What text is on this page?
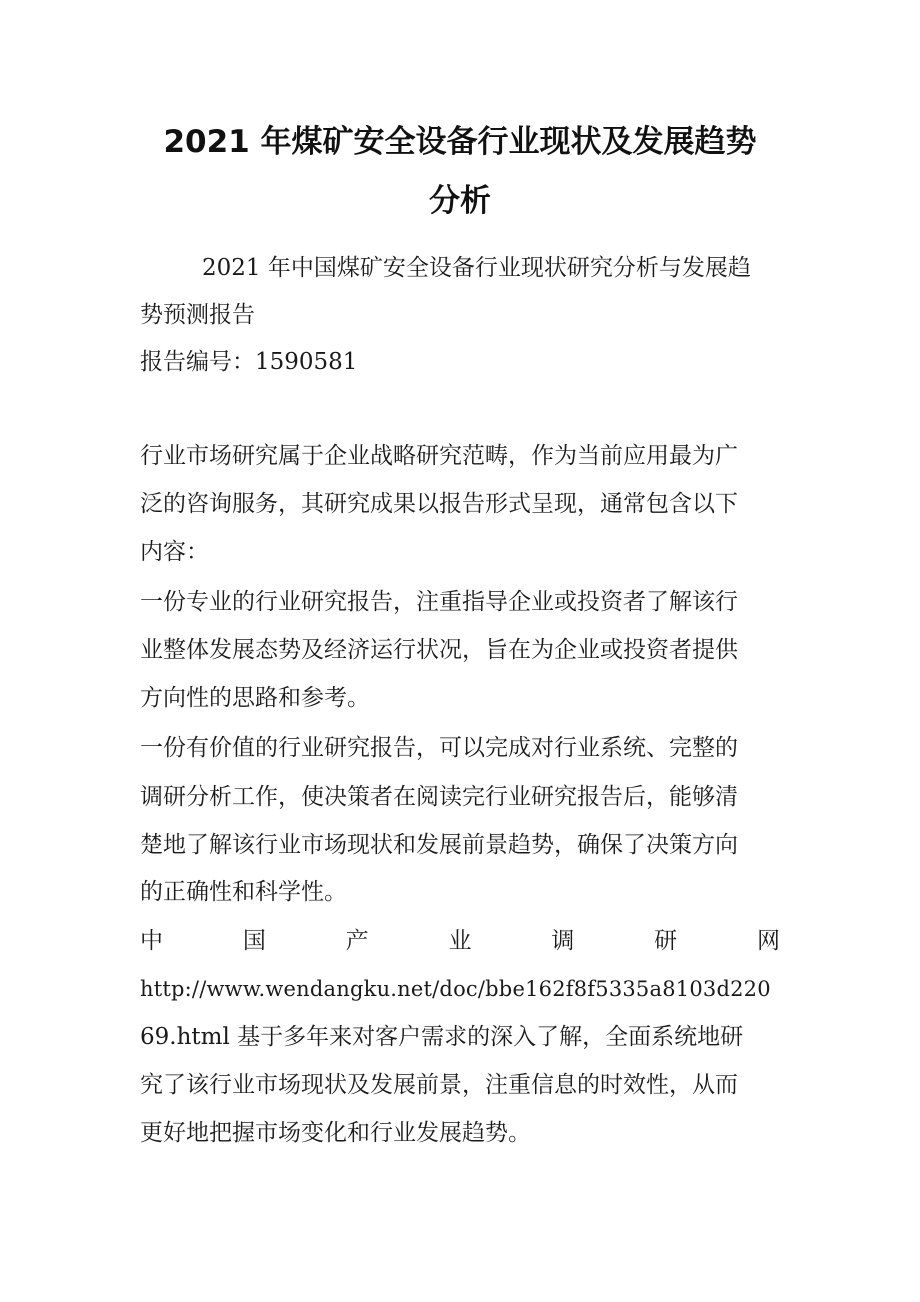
2021 年煤矿安全设备行业现状及发展趋势
分析
2021 年中国煤矿安全设备行业现状研究分析与发展趋
势预测报告
报告编号：1590581
行业市场研究属于企业战略研究范畴，作为当前应用最为广
泛的咨询服务，其研究成果以报告形式呈现，通常包含以下
内容：
一份专业的行业研究报告，注重指导企业或投资者了解该行
业整体发展态势及经济运行状况，旨在为企业或投资者提供
方向性的思路和参考。
一份有价值的行业研究报告，可以完成对行业系统、完整的
调研分析工作，使决策者在阅读完行业研究报告后，能够清
楚地了解该行业市场现状和发展前景趋势，确保了决策方向
的正确性和科学性。
中	国	产	业	调	研	网
http://www.wendangku.net/doc/bbe162f8f5335a8103d220
69.html 基于多年来对客户需求的深入了解，全面系统地研
究了该行业市场现状及发展前景，注重信息的时效性，从而
更好地把握市场变化和行业发展趋势。
